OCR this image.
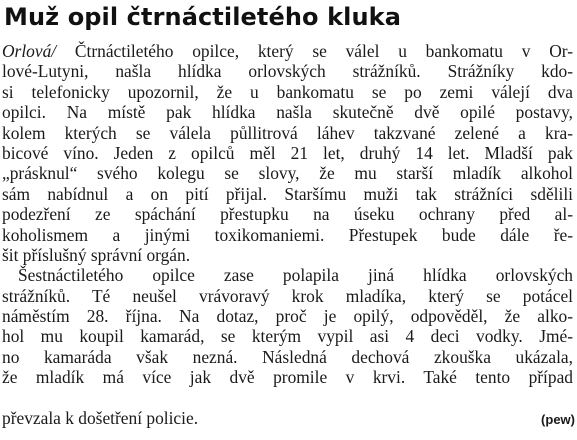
Muž opil čtrnáctiletého kluka
Orlová/ Čtrnáctiletého opilce, který se válel u bankomatu v Or-
lové-Lutyni, našla hlídka orlovských strážníků. Strážníky kdo-
si telefonicky upozornil, že u bankomatu se po zemi válejí dva
opilci. Na místě pak hlídka našla skutečně dvě opilé postavy,
kolem kterých se válela půllitrová láhev takzvané zelené a kra-
bicové víno. Jeden z opilců měl 21 let, druhý 14 let. Mladší pak
„prásknul“ svého kolegu se slovy, že mu starší mladík alkohol
sám nabídnul a on pití přijal. Staršímu muži tak strážníci sdělili
podezření ze spáchání přestupku na úseku ochrany před al-
koholismem a jinými toxikomaniemi. Přestupek bude dále ře-
šit příslušný správní orgán.
Šestnáctiletého opilce zase polapila jiná hlídka orlovských
strážníků. Té neušel vrávoravý krok mladíka, který se potácel
náměstím 28. října. Na dotaz, proč je opilý, odpověděl, že alko-
hol mu koupil kamarád, se kterým vypil asi 4 deci vodky. Jmé-
no kamaráda však nezná. Následná dechová zkouška ukázala,
že mladík má více jak dvě promile v krvi. Také tento případ
převzala k došetření policie.	(pew)
